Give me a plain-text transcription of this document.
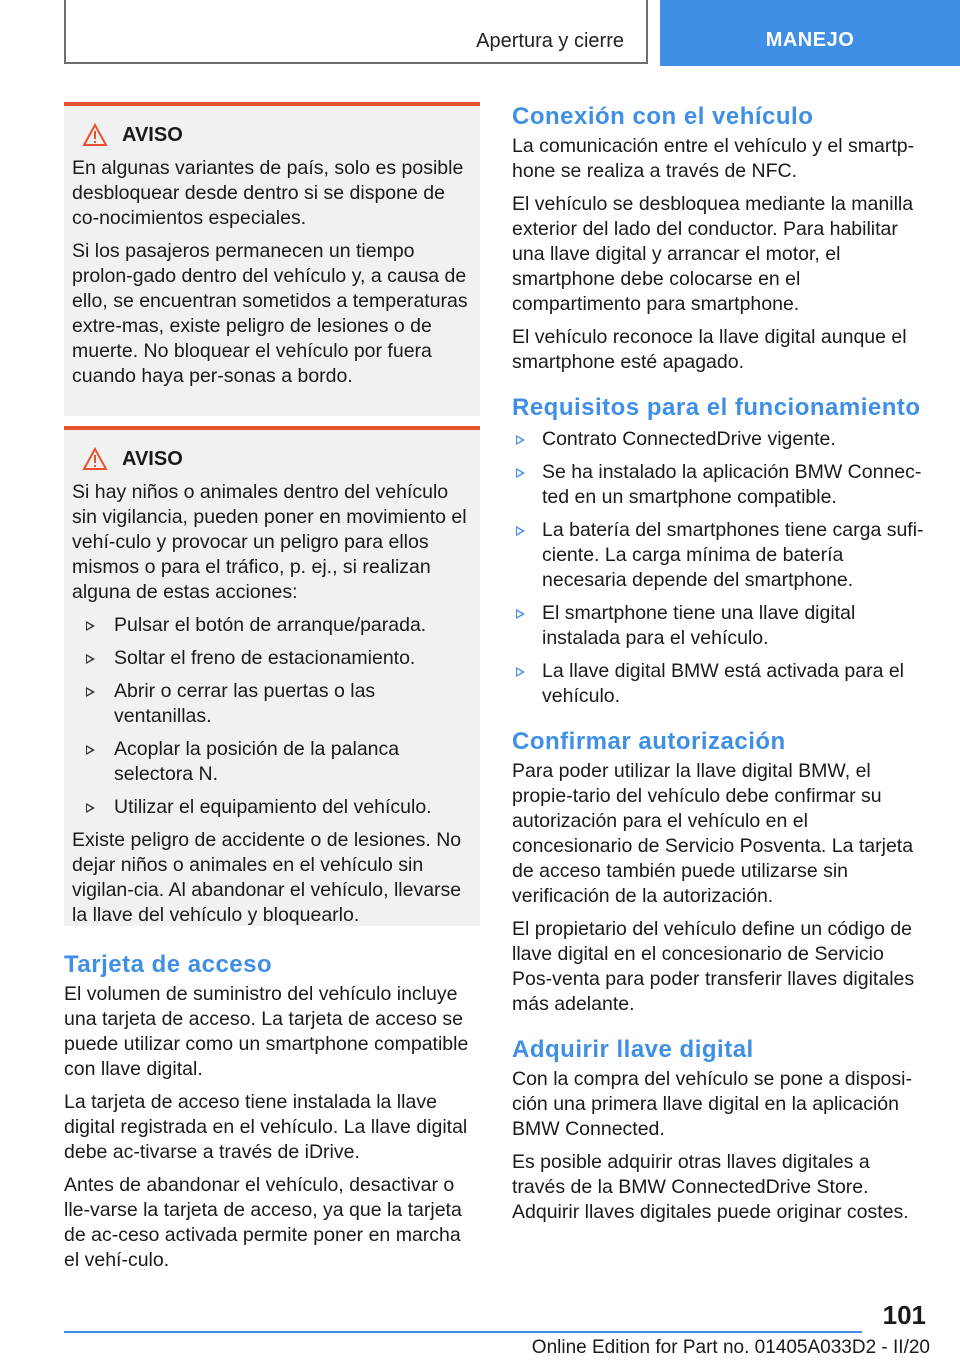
Apertura y cierre	MANEJO
AVISO

En algunas variantes de país, solo es posible desbloquear desde dentro si se dispone de co-nocimientos especiales.

Si los pasajeros permanecen un tiempo prolon-gado dentro del vehículo y, a causa de ello, se encuentran sometidos a temperaturas extre-mas, existe peligro de lesiones o de muerte. No bloquear el vehículo por fuera cuando haya per-sonas a bordo.

AVISO

Si hay niños o animales dentro del vehículo sin vigilancia, pueden poner en movimiento el vehí-culo y provocar un peligro para ellos mismos o para el tráfico, p. ej., si realizan alguna de estas acciones:

Pulsar el botón de arranque/parada.
Soltar el freno de estacionamiento.
Abrir o cerrar las puertas o las ventanillas.
Acoplar la posición de la palanca selectora N.
Utilizar el equipamiento del vehículo.

Existe peligro de accidente o de lesiones. No dejar niños o animales en el vehículo sin vigilan-cia. Al abandonar el vehículo, llevarse la llave del vehículo y bloquearlo.

Tarjeta de acceso

El volumen de suministro del vehículo incluye una tarjeta de acceso. La tarjeta de acceso se puede utilizar como un smartphone compatible con llave digital.

La tarjeta de acceso tiene instalada la llave digital registrada en el vehículo. La llave digital debe ac-tivarse a través de iDrive.

Antes de abandonar el vehículo, desactivar o lle-varse la tarjeta de acceso, ya que la tarjeta de ac-ceso activada permite poner en marcha el vehí-culo.

Conexión con el vehículo

La comunicación entre el vehículo y el smartp-hone se realiza a través de NFC.

El vehículo se desbloquea mediante la manilla exterior del lado del conductor. Para habilitar una llave digital y arrancar el motor, el smartphone debe colocarse en el compartimento para smartphone.

El vehículo reconoce la llave digital aunque el smartphone esté apagado.

Requisitos para el funcionamiento
Contrato ConnectedDrive vigente.
Se ha instalado la aplicación BMW Connec-ted en un smartphone compatible.
La batería del smartphones tiene carga sufi-ciente. La carga mínima de batería necesaria depende del smartphone.
El smartphone tiene una llave digital instalada para el vehículo.
La llave digital BMW está activada para el vehículo.
Confirmar autorización

Para poder utilizar la llave digital BMW, el propie-tario del vehículo debe confirmar su autorización para el vehículo en el concesionario de Servicio Posventa. La tarjeta de acceso también puede utilizarse sin verificación de la autorización.

El propietario del vehículo define un código de llave digital en el concesionario de Servicio Pos-venta para poder transferir llaves digitales más adelante.

Adquirir llave digital

Con la compra del vehículo se pone a disposi-ción una primera llave digital en la aplicación BMW Connected.

Es posible adquirir otras llaves digitales a través de la BMW ConnectedDrive Store. Adquirir llaves digitales puede originar costes.

101
Online Edition for Part no. 01405A033D2 - II/20
